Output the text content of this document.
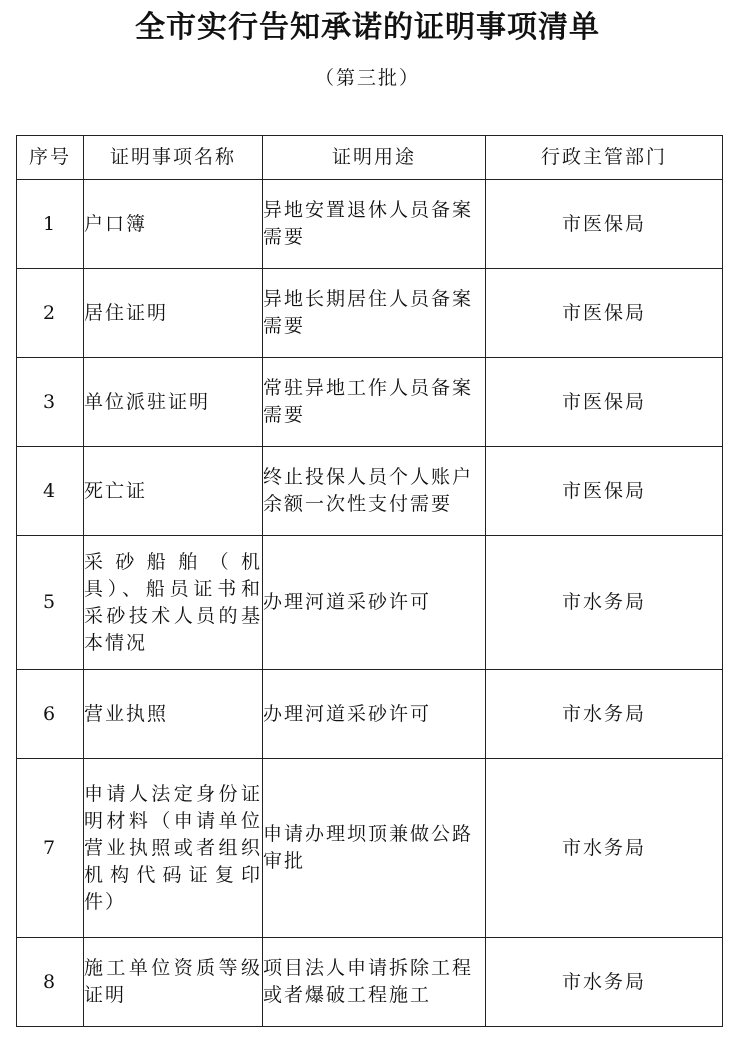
全市实行告知承诺的证明事项清单
（第三批）
序号	证明事项名称	证明用途	行政主管部门
1	户口簿	异地安置退休人员备案需要	市医保局
2	居住证明	异地长期居住人员备案需要	市医保局
3	单位派驻证明	常驻异地工作人员备案需要	市医保局
4	死亡证	终止投保人员个人账户余额一次性支付需要	市医保局
5	采砂船舶（机具）、船员证书和采砂技术人员的基本情况	办理河道采砂许可	市水务局
6	营业执照	办理河道采砂许可	市水务局
7	申请人法定身份证明材料（申请单位营业执照或者组织机构代码证复印件）	申请办理坝顶兼做公路审批	市水务局
8	施工单位资质等级证明	项目法人申请拆除工程或者爆破工程施工	市水务局
